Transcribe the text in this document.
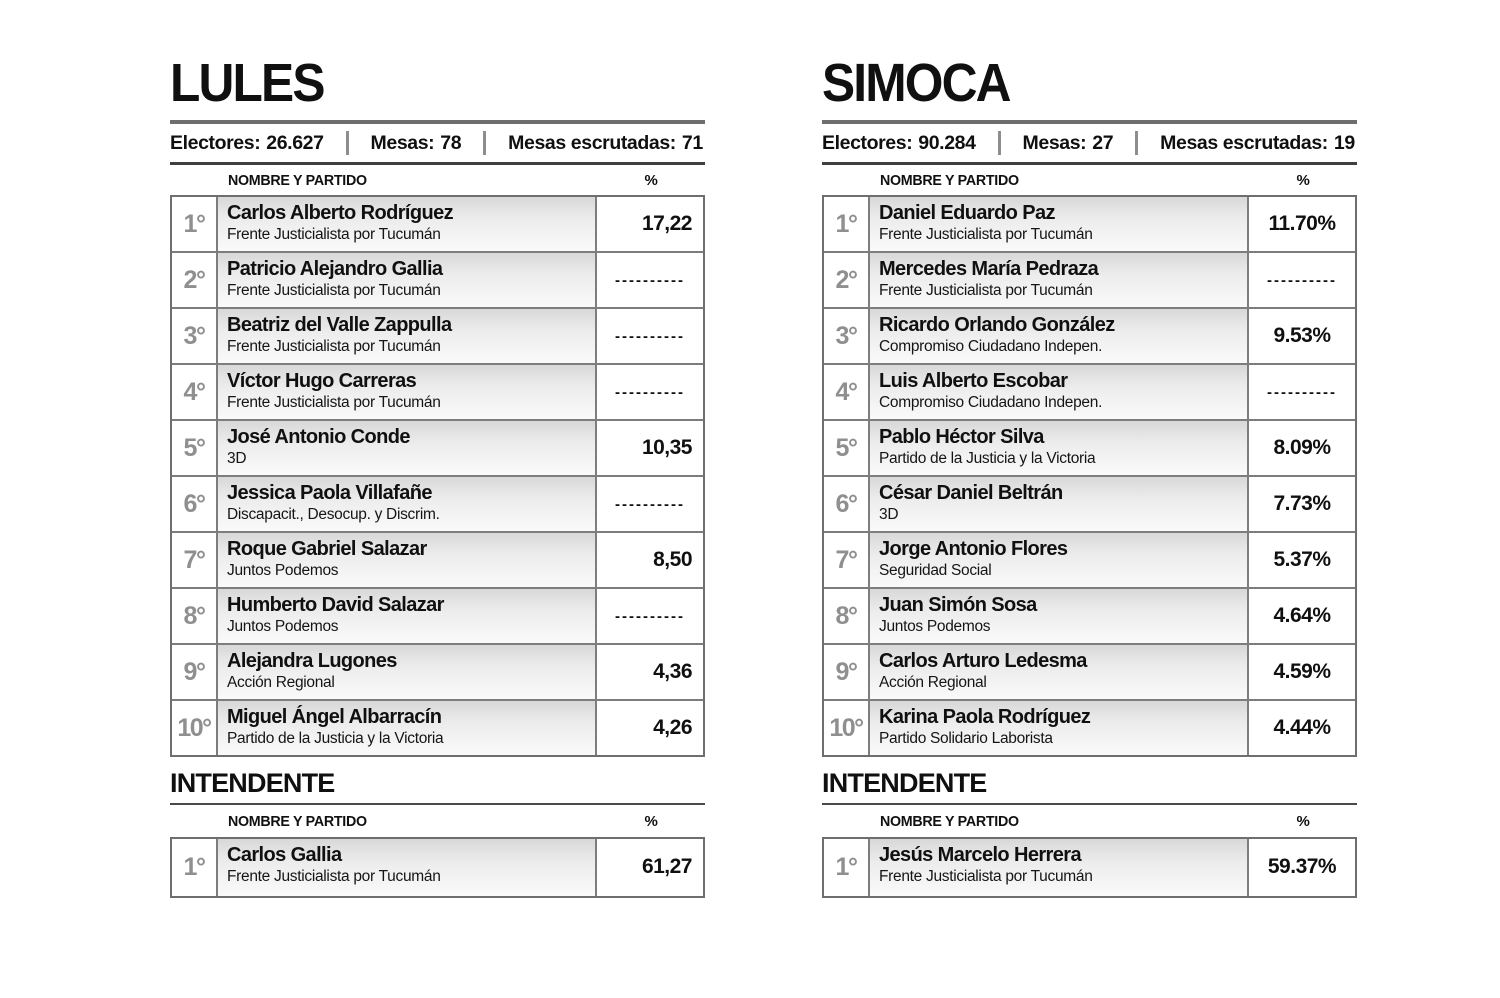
LULES
Electores: 26.627 Mesas: 78 Mesas escrutadas: 71
NOMBRE Y PARTIDO	%
1°	Carlos Alberto Rodríguez
Frente Justicialista por Tucumán	17,22
2°	Patricio Alejandro Gallia
Frente Justicialista por Tucumán
----------
3°	Beatriz del Valle Zappulla
Frente Justicialista por Tucumán
----------
4°	Víctor Hugo Carreras
Frente Justicialista por Tucumán
----------
5°	José Antonio Conde
3D	10,35
6°	Jessica Paola Villafañe
Discapacit., Desocup. y Discrim.
----------
7°	Roque Gabriel Salazar
Juntos Podemos	8,50
8°	Humberto David Salazar
Juntos Podemos
----------
9°	Alejandra Lugones
Acción Regional	4,36
10° Miguel Ángel Albarracín
Partido de la Justicia y la Victoria	4,26
INTENDENTE
NOMBRE Y PARTIDO	%
1°	Carlos Gallia
Frente Justicialista por Tucumán	61,27
SIMOCA
Electores: 90.284 Mesas: 27 Mesas escrutadas: 19
NOMBRE Y PARTIDO	%
1°	Daniel Eduardo Paz
Frente Justicialista por Tucumán	11.70%
2°	Mercedes María Pedraza
Frente Justicialista por Tucumán
----------
3°	Ricardo Orlando González
Compromiso Ciudadano Indepen.	9.53%
4°	Luis Alberto Escobar
Compromiso Ciudadano Indepen.
----------
5°	Pablo Héctor Silva
Partido de la Justicia y la Victoria	8.09%
6°	César Daniel Beltrán
3D	7.73%
7°	Jorge Antonio Flores
Seguridad Social	5.37%
8°	Juan Simón Sosa
Juntos Podemos	4.64%
9°	Carlos Arturo Ledesma
Acción Regional	4.59%
10° Karina Paola Rodríguez
Partido Solidario Laborista	4.44%
INTENDENTE
NOMBRE Y PARTIDO	%
1°	Jesús Marcelo Herrera
Frente Justicialista por Tucumán	59.37%
